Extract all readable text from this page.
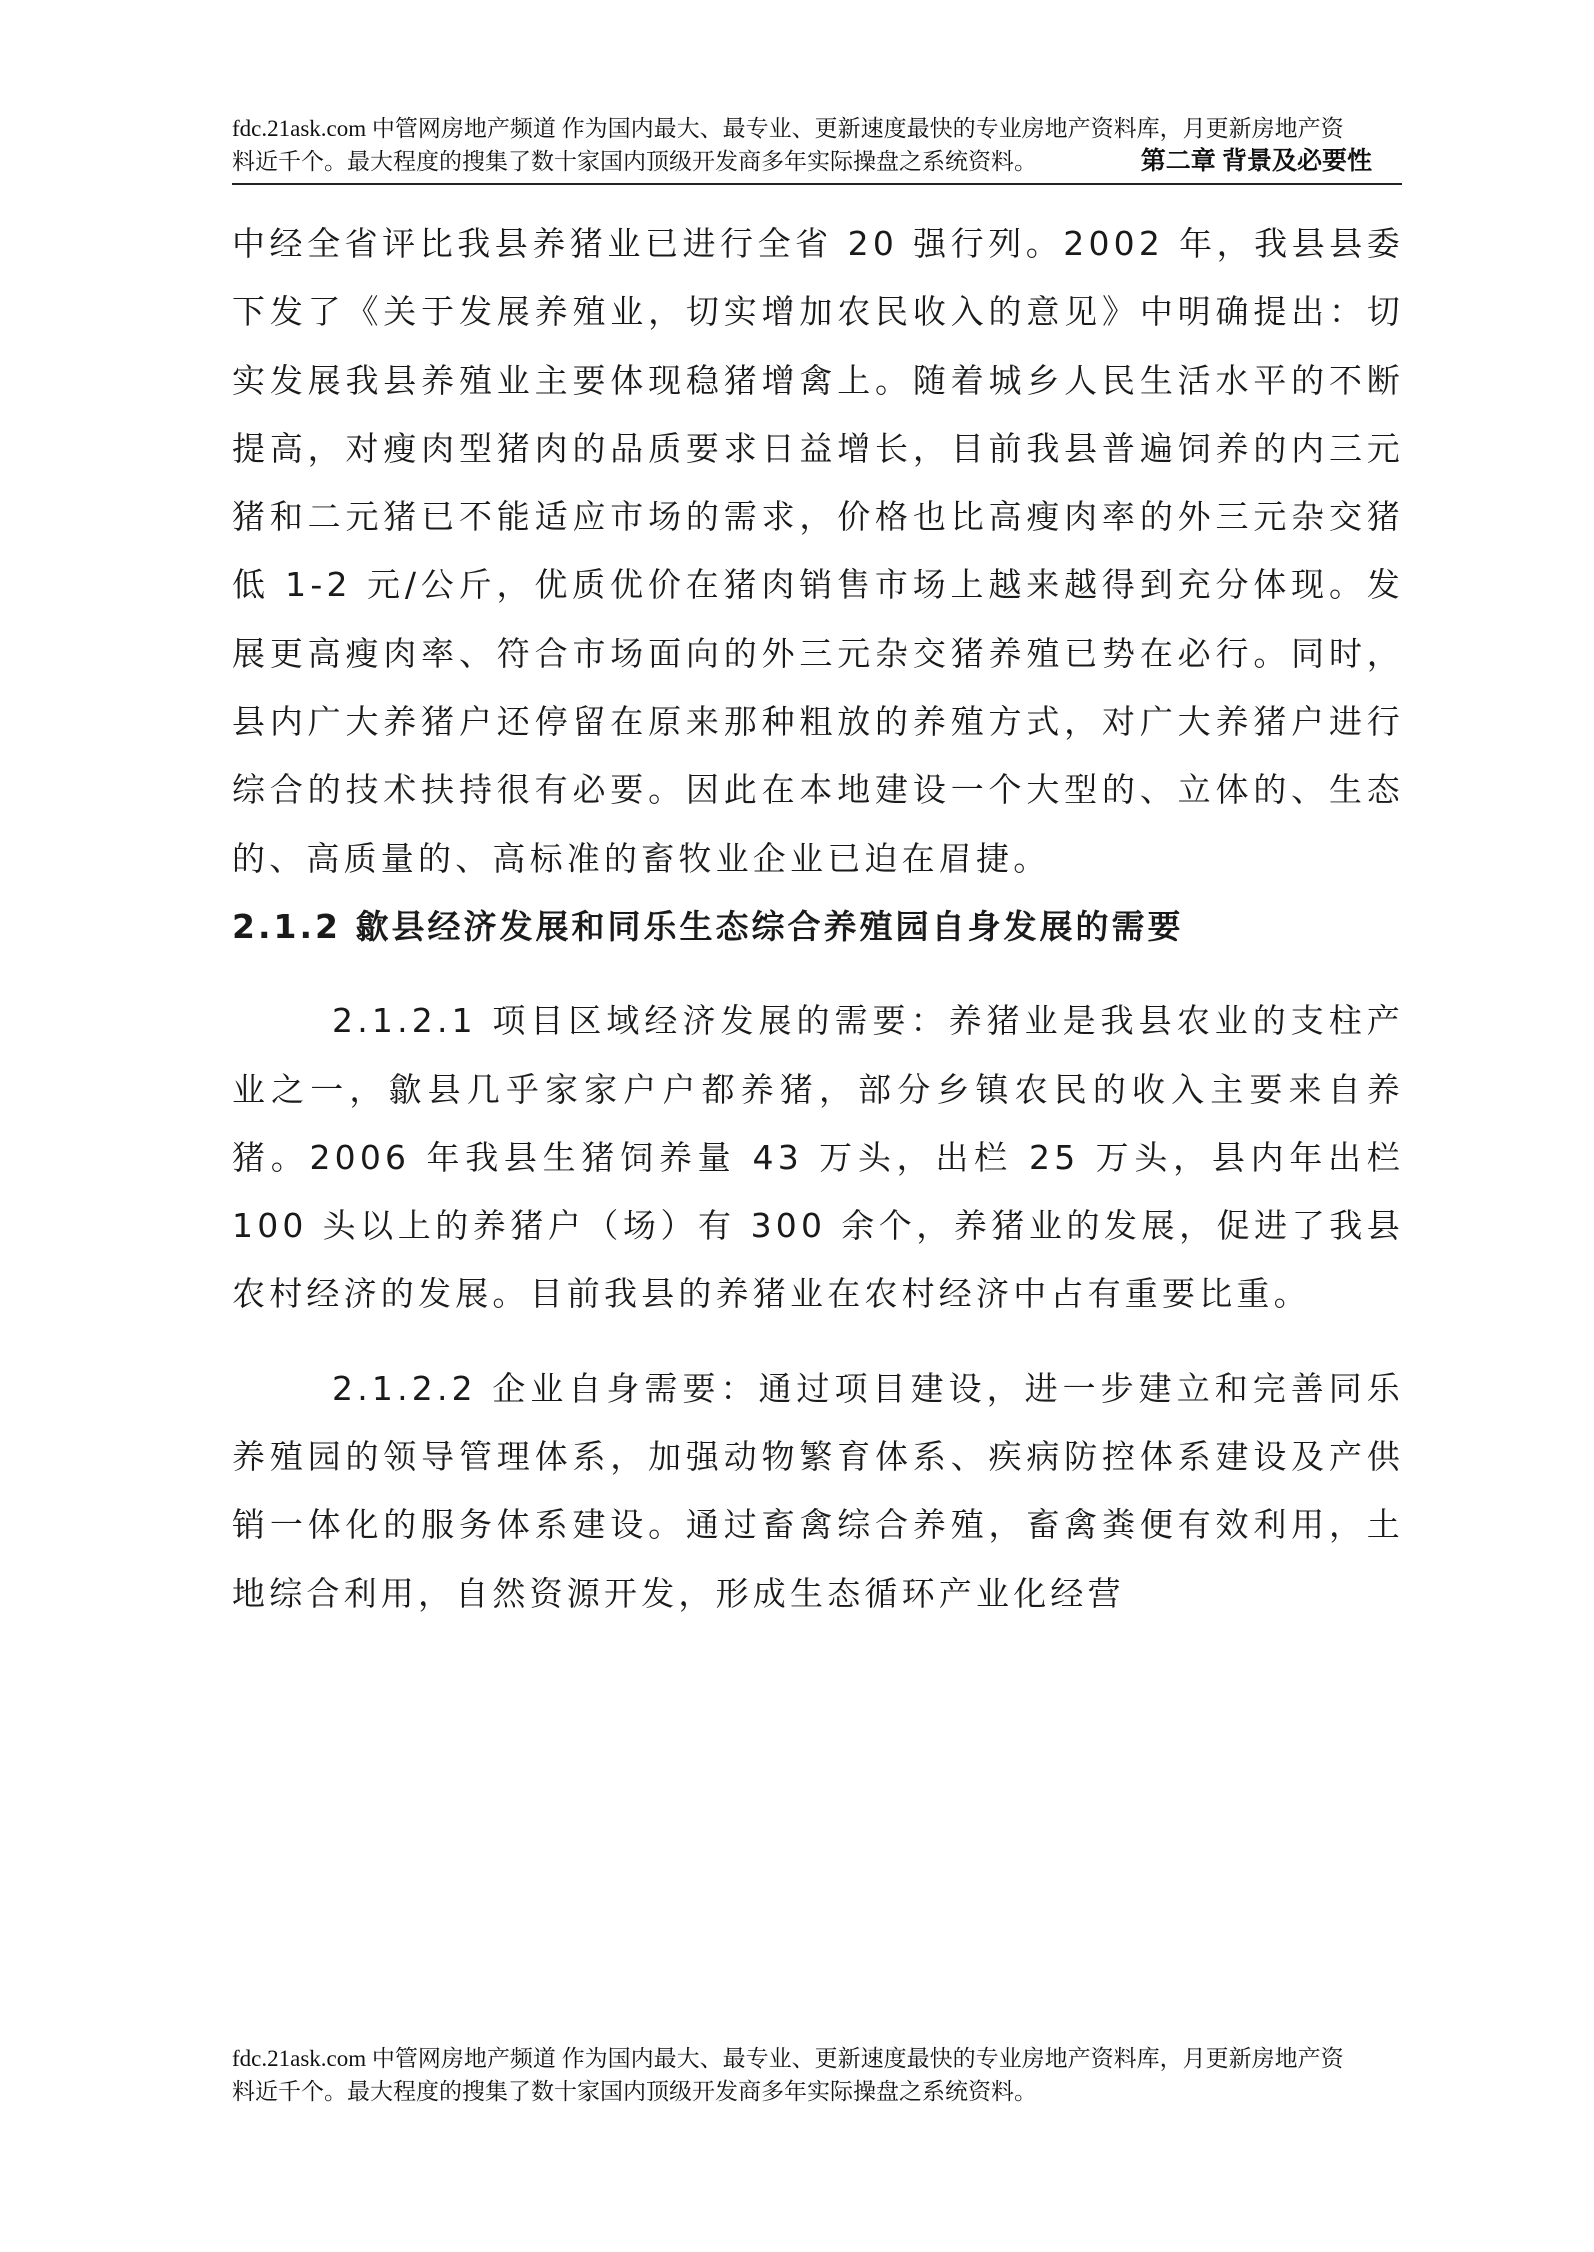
fdc.21ask.com 中管网房地产频道 作为国内最大、最专业、更新速度最快的专业房地产资料库，月更新房地产资
料近千个。最大程度的搜集了数十家国内顶级开发商多年实际操盘之系统资料。	第二章 背景及必要性

中经全省评比我县养猪业已进行全省 20 强行列。2002 年，我县县委下发了《关于发展养殖业，切实增加农民收入的意见》中明确提出：切实发展我县养殖业主要体现稳猪增禽上。随着城乡人民生活水平的不断提高，对瘦肉型猪肉的品质要求日益增长，目前我县普遍饲养的内三元猪和二元猪已不能适应市场的需求，价格也比高瘦肉率的外三元杂交猪低 1-2 元/公斤，优质优价在猪肉销售市场上越来越得到充分体现。发展更高瘦肉率、符合市场面向的外三元杂交猪养殖已势在必行。同时，县内广大养猪户还停留在原来那种粗放的养殖方式，对广大养猪户进行综合的技术扶持很有必要。因此在本地建设一个大型的、立体的、生态的、高质量的、高标准的畜牧业企业已迫在眉捷。

2.1.2 歙县经济发展和同乐生态综合养殖园自身发展的需要

2.1.2.1 项目区域经济发展的需要：养猪业是我县农业的支柱产业之一，歙县几乎家家户户都养猪，部分乡镇农民的收入主要来自养猪。2006 年我县生猪饲养量 43 万头，出栏 25 万头，县内年出栏 100 头以上的养猪户（场）有 300 余个，养猪业的发展，促进了我县农村经济的发展。目前我县的养猪业在农村经济中占有重要比重。

2.1.2.2 企业自身需要：通过项目建设，进一步建立和完善同乐养殖园的领导管理体系，加强动物繁育体系、疾病防控体系建设及产供销一体化的服务体系建设。通过畜禽综合养殖，畜禽粪便有效利用，土地综合利用，自然资源开发，形成生态循环产业化经营

fdc.21ask.com 中管网房地产频道 作为国内最大、最专业、更新速度最快的专业房地产资料库，月更新房地产资
料近千个。最大程度的搜集了数十家国内顶级开发商多年实际操盘之系统资料。
